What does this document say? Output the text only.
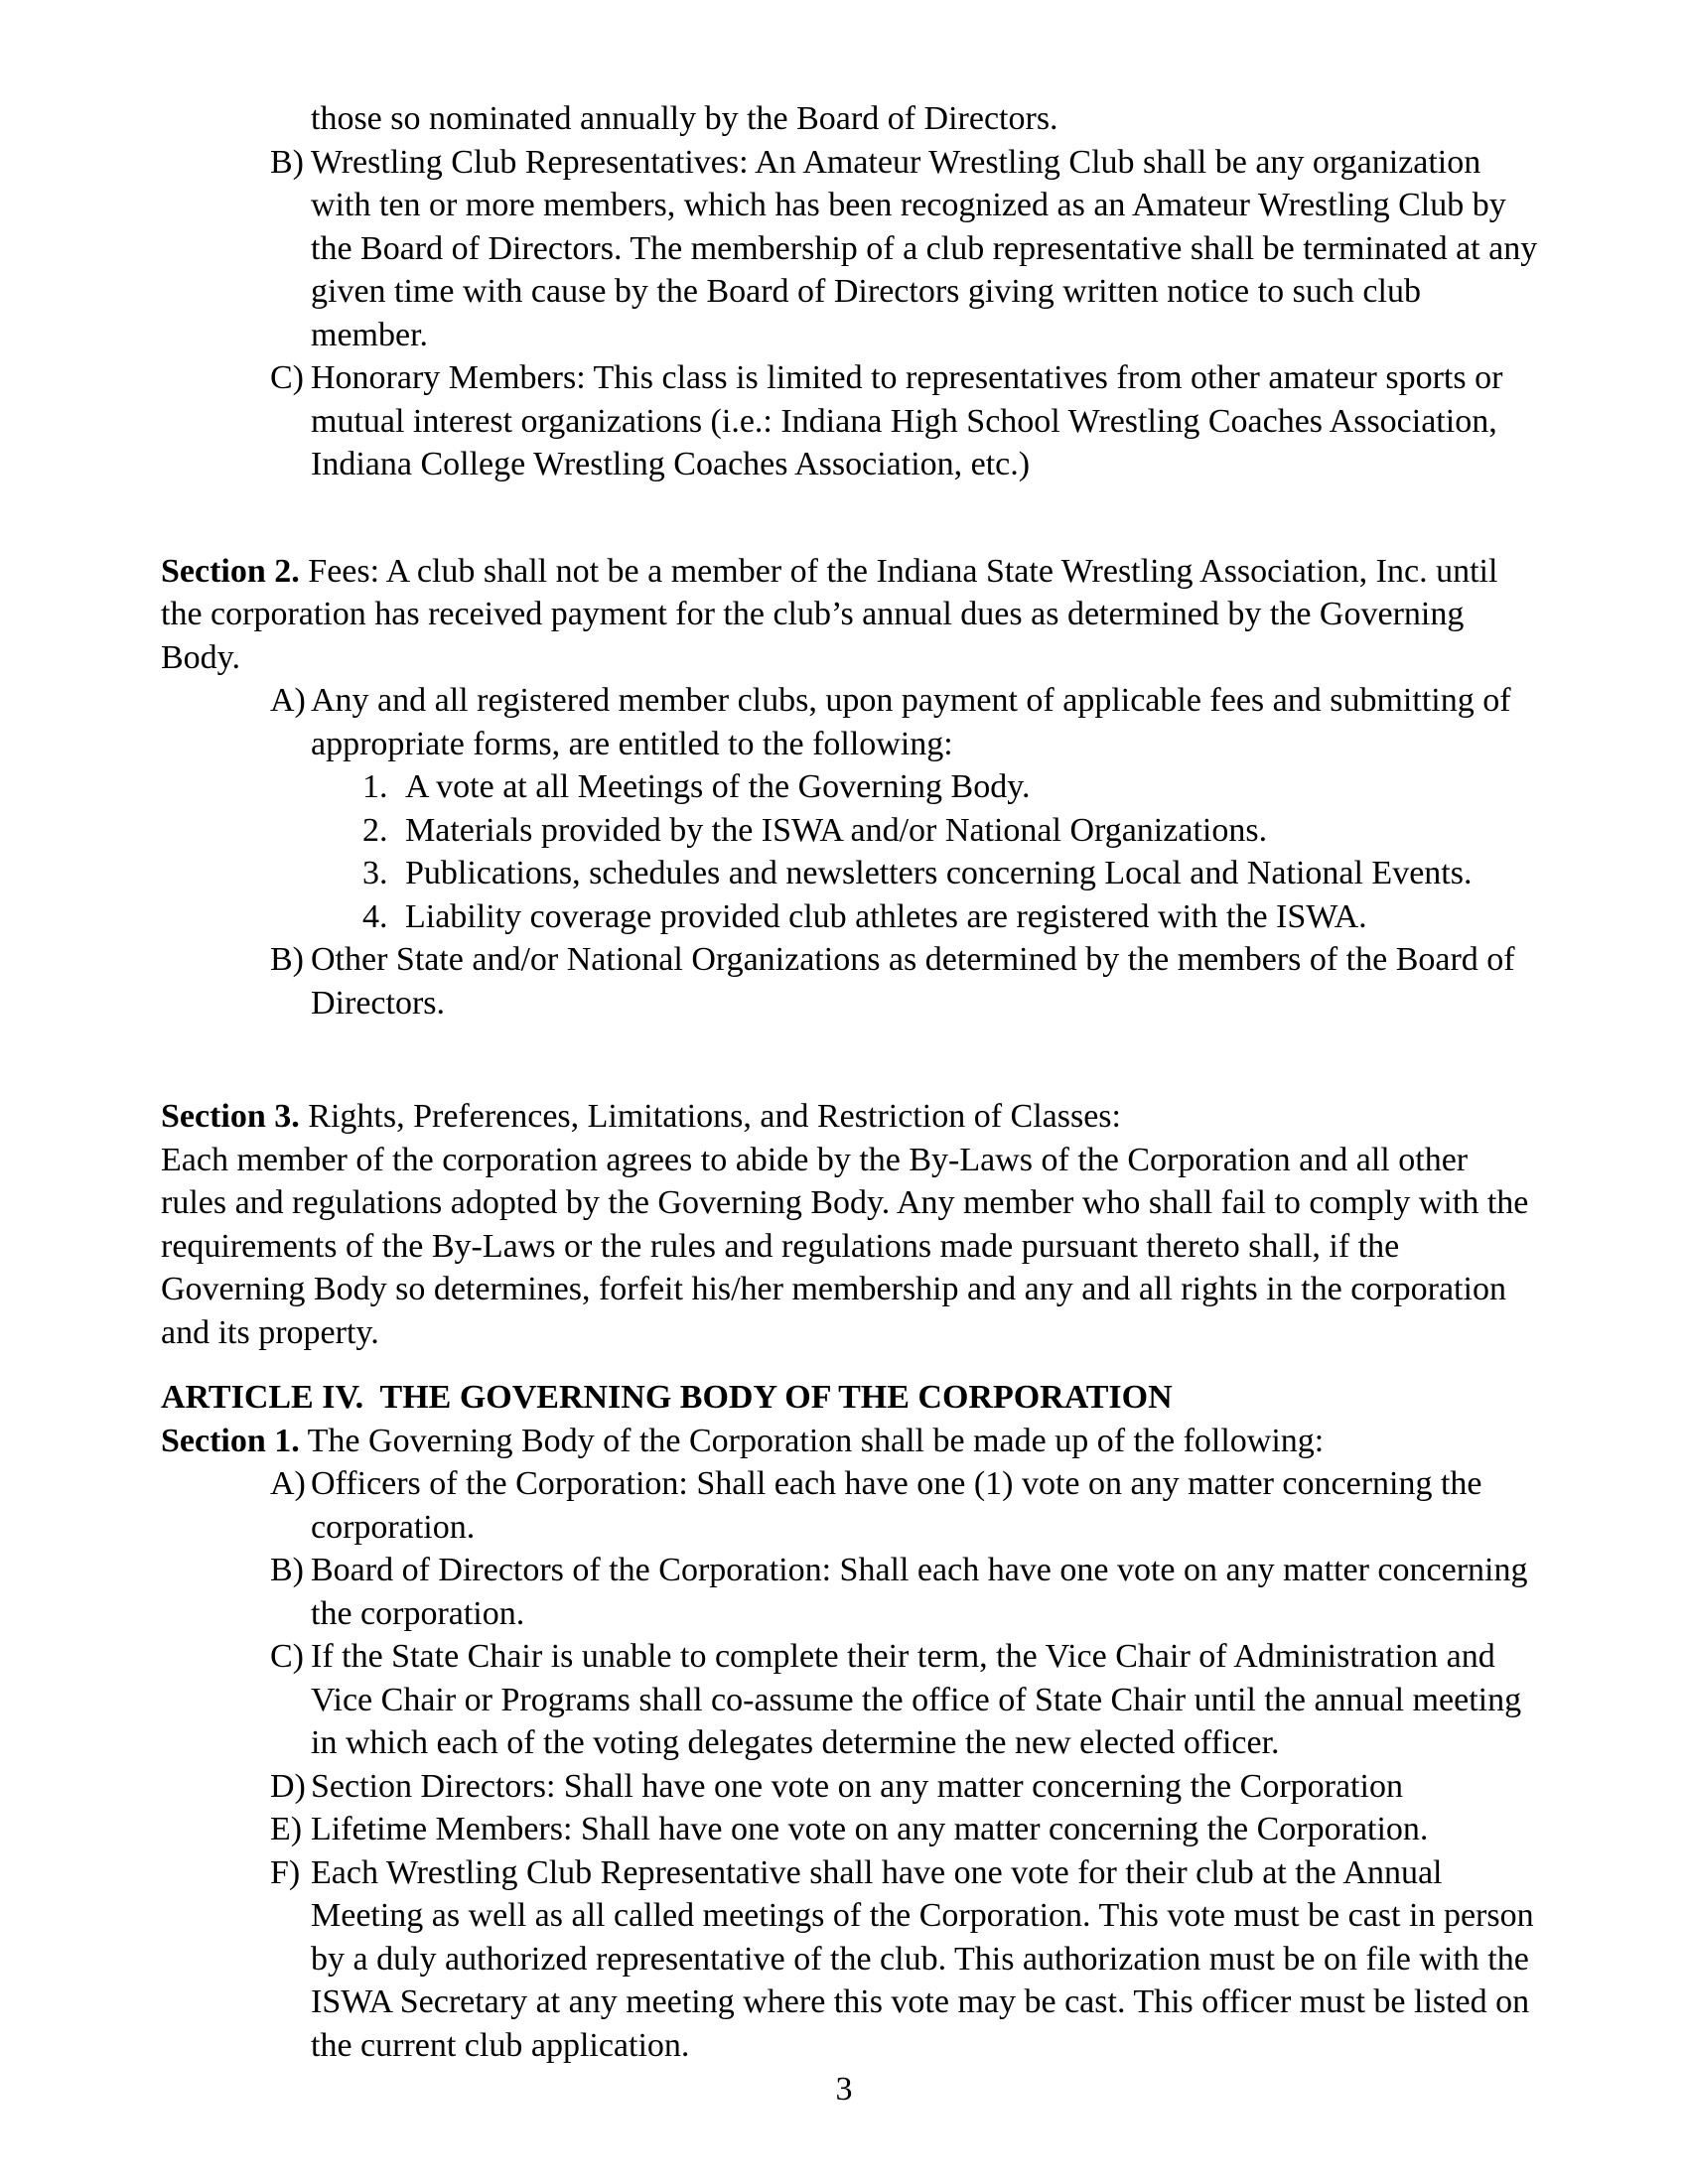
those so nominated annually by the Board of Directors.
B) Wrestling Club Representatives: An Amateur Wrestling Club shall be any organization
with ten or more members, which has been recognized as an Amateur Wrestling Club by
the Board of Directors. The membership of a club representative shall be terminated at any
given time with cause by the Board of Directors giving written notice to such club
member.
C) Honorary Members: This class is limited to representatives from other amateur sports or
mutual interest organizations (i.e.: Indiana High School Wrestling Coaches Association,
Indiana College Wrestling Coaches Association, etc.)
Section 2. Fees: A club shall not be a member of the Indiana State Wrestling Association, Inc. until
the corporation has received payment for the club’s annual dues as determined by the Governing
Body.
A) Any and all registered member clubs, upon payment of applicable fees and submitting of
appropriate forms, are entitled to the following:
1. A vote at all Meetings of the Governing Body.
2. Materials provided by the ISWA and/or National Organizations.
3. Publications, schedules and newsletters concerning Local and National Events.
4. Liability coverage provided club athletes are registered with the ISWA.
B) Other State and/or National Organizations as determined by the members of the Board of
Directors.
Section 3. Rights, Preferences, Limitations, and Restriction of Classes:
Each member of the corporation agrees to abide by the By-Laws of the Corporation and all other
rules and regulations adopted by the Governing Body. Any member who shall fail to comply with the
requirements of the By-Laws or the rules and regulations made pursuant thereto shall, if the
Governing Body so determines, forfeit his/her membership and any and all rights in the corporation
and its property.
ARTICLE IV.  THE GOVERNING BODY OF THE CORPORATION
Section 1. The Governing Body of the Corporation shall be made up of the following:
A) Officers of the Corporation: Shall each have one (1) vote on any matter concerning the
corporation.
B) Board of Directors of the Corporation: Shall each have one vote on any matter concerning
the corporation.
C) If the State Chair is unable to complete their term, the Vice Chair of Administration and
Vice Chair or Programs shall co-assume the office of State Chair until the annual meeting
in which each of the voting delegates determine the new elected officer.
D) Section Directors: Shall have one vote on any matter concerning the Corporation
E) Lifetime Members: Shall have one vote on any matter concerning the Corporation.
F) Each Wrestling Club Representative shall have one vote for their club at the Annual
Meeting as well as all called meetings of the Corporation. This vote must be cast in person
by a duly authorized representative of the club. This authorization must be on file with the
ISWA Secretary at any meeting where this vote may be cast. This officer must be listed on
the current club application.
3
